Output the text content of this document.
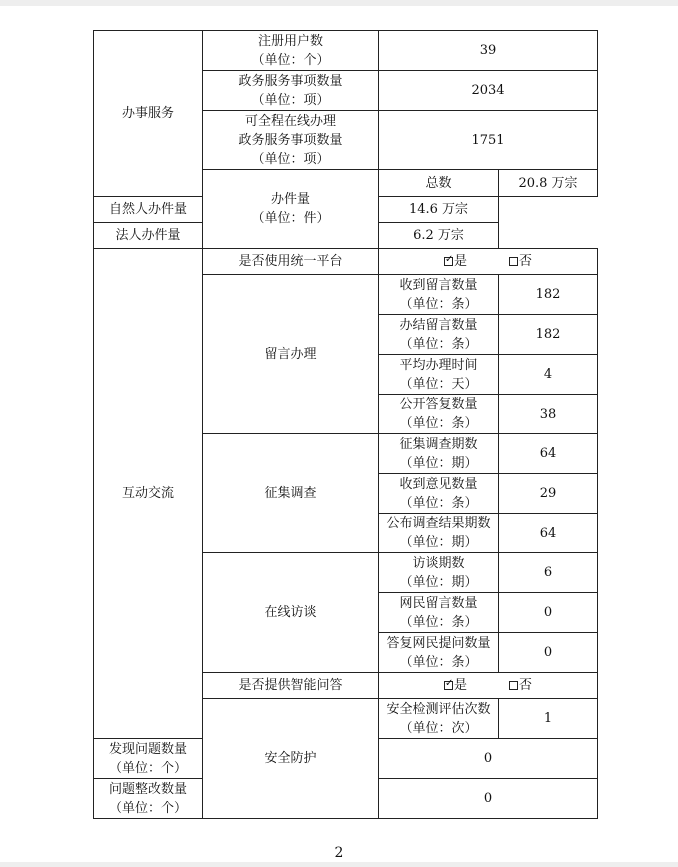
办事服务	注册用户数
（单位：个）	39	

	政务服务事项数量
（单位：项）	2034	

	可全程在线办理
政务服务事项数量
（单位：项）	1751	

	办件量
（单位：件）	总数	20.8 万宗
自然人办件量		14.6 万宗	
法人办件量		6.2 万宗	
互动交流	是否使用统一平台	✓是 否
	留言办理	收到留言数量
（单位：条）	182

		办结留言数量
（单位：条）	182

		平均办理时间
（单位：天）	4

		公开答复数量
（单位：条）	38
	征集调查	征集调查期数
（单位：期）	64

		收到意见数量
（单位：条）	29

		公布调查结果期数
（单位：期）	64
	在线访谈	访谈期数
（单位：期）	6

		网民留言数量
（单位：条）	0

		答复网民提问数量
（单位：条）	0
	是否提供智能问答	✓是 否
	安全防护	安全检测评估次数
（单位：次）	1

发现问题数量
（单位：个）		0	

问题整改数量
（单位：个）		0	
2
